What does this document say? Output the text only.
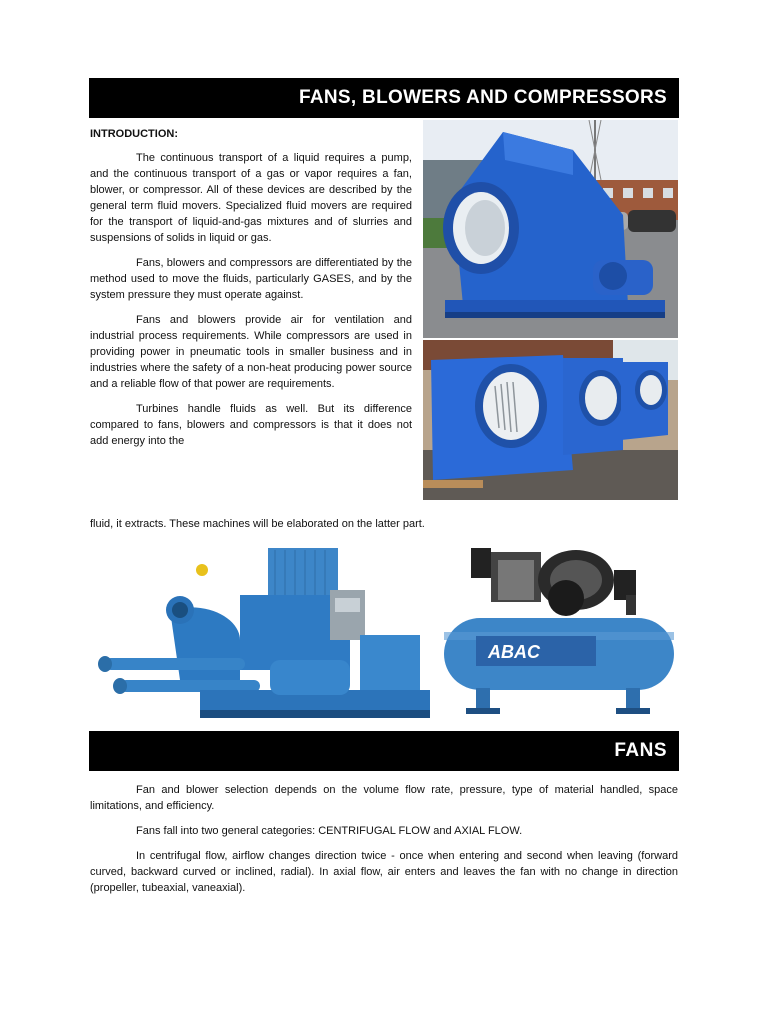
FANS, BLOWERS AND COMPRESSORS
INTRODUCTION:

The continuous transport of a liquid requires a pump, and the continuous transport of a gas or vapor requires a fan, blower, or compressor. All of these devices are described by the general term fluid movers. Specialized fluid movers are required for the transport of liquid-and-gas mixtures and of slurries and suspensions of solids in liquid or gas.

Fans, blowers and compressors are differentiated by the method used to move the fluids, particularly GASES, and by the system pressure they must operate against.

Fans and blowers provide air for ventilation and industrial process requirements. While compressors are used in providing power in pneumatic tools in smaller business and in industries where the safety of a non-heat producing power source and a reliable flow of that power are requirements.

Turbines handle fluids as well. But its difference compared to fans, blowers and compressors is that it does not add energy into the

fluid, it extracts. These machines will be elaborated on the latter part.
ABAC
FANS

Fan and blower selection depends on the volume flow rate, pressure, type of material handled, space limitations, and efficiency.

Fans fall into two general categories: CENTRIFUGAL FLOW and AXIAL FLOW.

In centrifugal flow, airflow changes direction twice - once when entering and second when leaving (forward curved, backward curved or inclined, radial). In axial flow, air enters and leaves the fan with no change in direction (propeller, tubeaxial, vaneaxial).
